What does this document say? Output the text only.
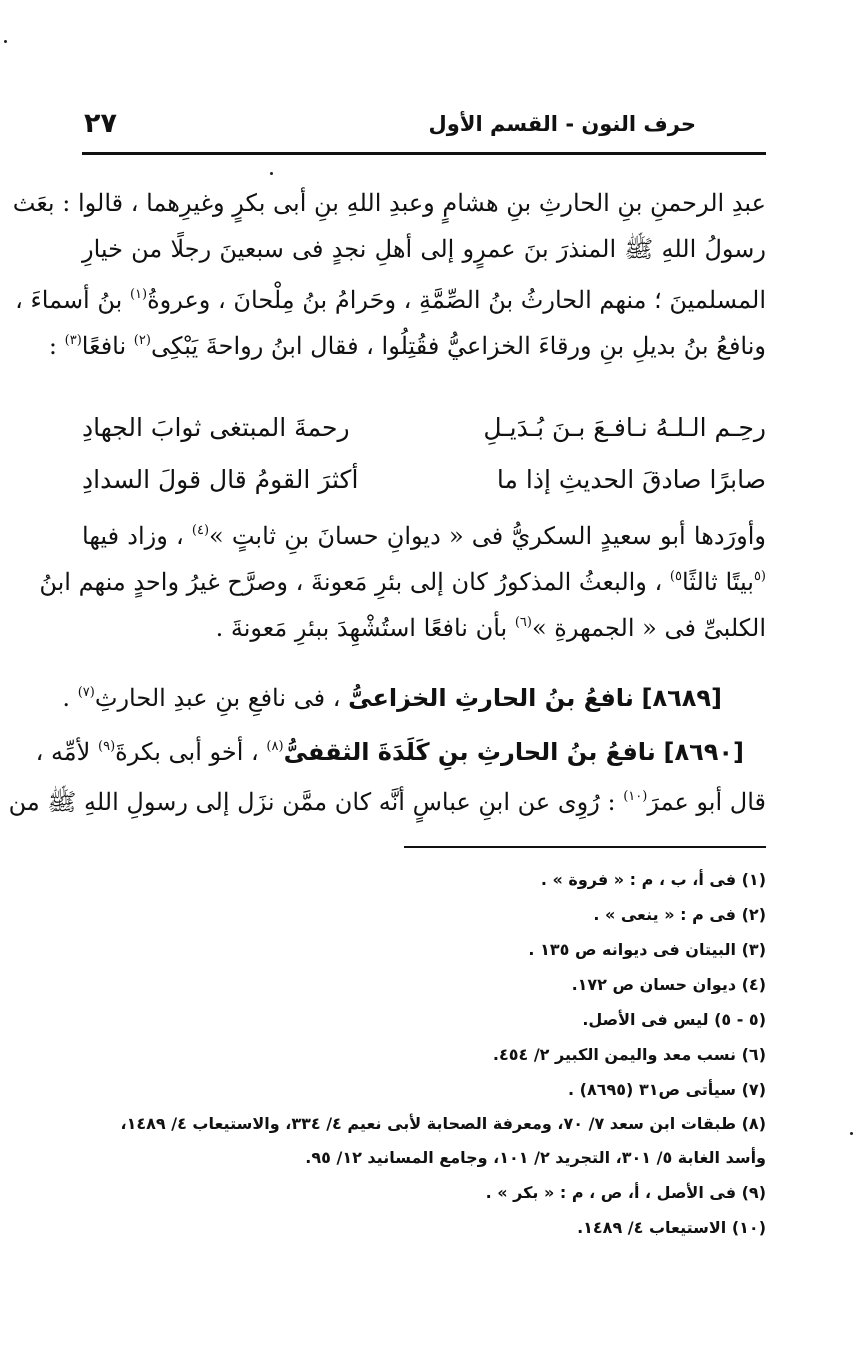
حرف النون - القسم الأول
٢٧
عبدِ الرحمنِ بنِ الحارثِ بنِ هشامٍ وعبدِ اللهِ بنِ أبى بكرٍ وغيرِهما ، قالوا : بعَث
رسولُ اللهِ ﷺ المنذرَ بنَ عمرٍو إلى أهلِ نجدٍ فى سبعينَ رجلًا من خيارِ
المسلمينَ ؛ منهم الحارثُ بنُ الصِّمَّةِ ، وحَرامُ بنُ مِلْحانَ ، وعروةُ$^{(١)}$ بنُ أسماءَ ،
ونافعُ بنُ بديلِ بنِ ورقاءَ الخزاعيُّ فقُتِلُوا ، فقال ابنُ رواحةَ يَبْكِى$^{(٢)}$ نافعًا$^{(٣)}$ :
رحِـم الـلـهُ نـافـعَ بـنَ بُـدَيـلِ
رحمةَ المبتغى ثوابَ الجهادِ
صابرًا صادقَ الحديثِ إذا ما
أكثرَ القومُ قال قولَ السدادِ
وأورَدها أبو سعيدٍ السكريُّ فى « ديوانِ حسانَ بنِ ثابتٍ »$^{(٤)}$ ، وزاد فيها
$^{(٥}$بيتًا ثالثًا$^{٥)}$ ، والبعثُ المذكورُ كان إلى بئرِ مَعونةَ ، وصرَّح غيرُ واحدٍ منهم ابنُ
الكلبىِّ فى « الجمهرةِ »$^{(٦)}$ بأن نافعًا استُشْهِدَ ببئرِ مَعونةَ .
[٨٦٨٩] نافعُ بنُ الحارثِ الخزاعىُّ ، فى نافعِ بنِ عبدِ الحارثِ$^{(٧)}$ .
[٨٦٩٠] نافعُ بنُ الحارثِ بنِ كَلَدَةَ الثقفىُّ$^{(٨)}$ ، أخو أبى بكرةَ$^{(٩)}$ لأمِّه ،
قال أبو عمرَ$^{(١٠)}$ : رُوِى عن ابنِ عباسٍ أنَّه كان ممَّن نزَل إلى رسولِ اللهِ ﷺ من
(١) فى أ، ب ، م : « فروة » .
(٢) فى م : « ينعى » .
(٣) البيتان فى ديوانه ص ١٣٥ .
(٤) ديوان حسان ص ١٧٢.
(٥ - ٥) ليس فى الأصل.
(٦) نسب معد واليمن الكبير ٢/ ٤٥٤.
(٧) سيأتى ص٣١ (٨٦٩٥) .
(٨) طبقات ابن سعد ٧/ ٧٠، ومعرفة الصحابة لأبى نعيم ٤/ ٣٣٤، والاستيعاب ٤/ ١٤٨٩، وأسد الغابة ٥/ ٣٠١، التجريد ٢/ ١٠١، وجامع المسانيد ١٢/ ٩٥.
(٩) فى الأصل ، أ، ص ، م : « بكر » .
(١٠) الاستيعاب ٤/ ١٤٨٩.
